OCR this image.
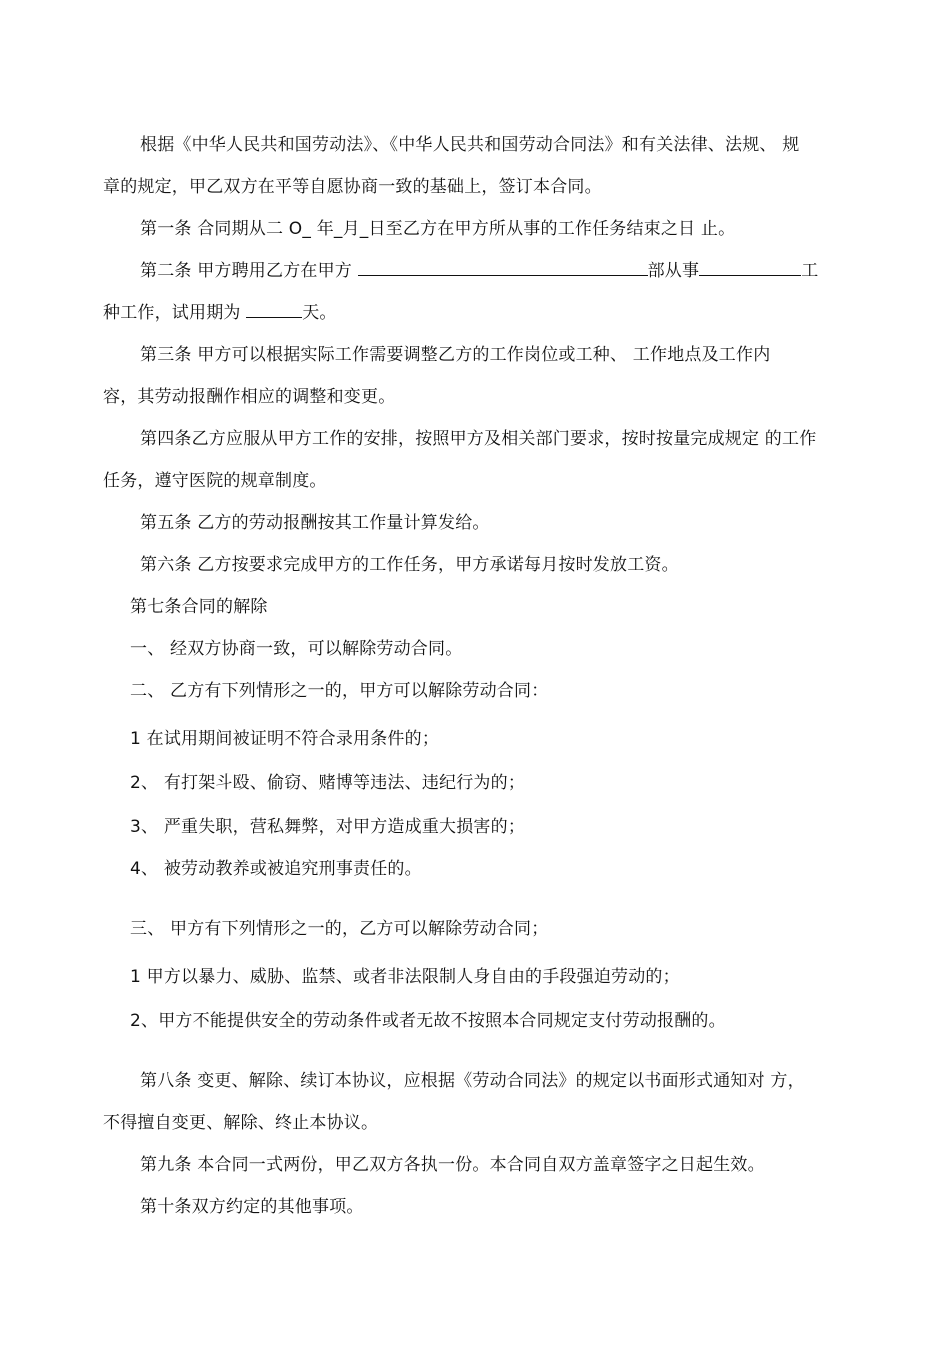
根据《中华人民共和国劳动法》、《中华人民共和国劳动合同法》和有关法律、法规、 规
章的规定，甲乙双方在平等自愿协商一致的基础上，签订本合同。
第一条 合同期从二 O_ 年_月_日至乙方在甲方所从事的工作任务结束之日 止。
第二条 甲方聘用乙方在甲方	部从事	工
种工作，试用期为	天。
第三条 甲方可以根据实际工作需要调整乙方的工作岗位或工种、 工作地点及工作内
容，其劳动报酬作相应的调整和变更。
第四条乙方应服从甲方工作的安排，按照甲方及相关部门要求，按时按量完成规定 的工作
任务，遵守医院的规章制度。
第五条 乙方的劳动报酬按其工作量计算发给。
第六条 乙方按要求完成甲方的工作任务，甲方承诺每月按时发放工资。
第七条合同的解除
一、 经双方协商一致，可以解除劳动合同。
二、 乙方有下列情形之一的，甲方可以解除劳动合同：
1 在试用期间被证明不符合录用条件的；
2、 有打架斗殴、偷窃、赌博等违法、违纪行为的；
3、 严重失职，营私舞弊，对甲方造成重大损害的；
4、 被劳动教养或被追究刑事责任的。
三、 甲方有下列情形之一的，乙方可以解除劳动合同；
1 甲方以暴力、威胁、监禁、或者非法限制人身自由的手段强迫劳动的；
2、甲方不能提供安全的劳动条件或者无故不按照本合同规定支付劳动报酬的。
第八条 变更、解除、续订本协议，应根据《劳动合同法》的规定以书面形式通知对 方，
不得擅自变更、解除、终止本协议。
第九条 本合同一式两份，甲乙双方各执一份。本合同自双方盖章签字之日起生效。
第十条双方约定的其他事项。
